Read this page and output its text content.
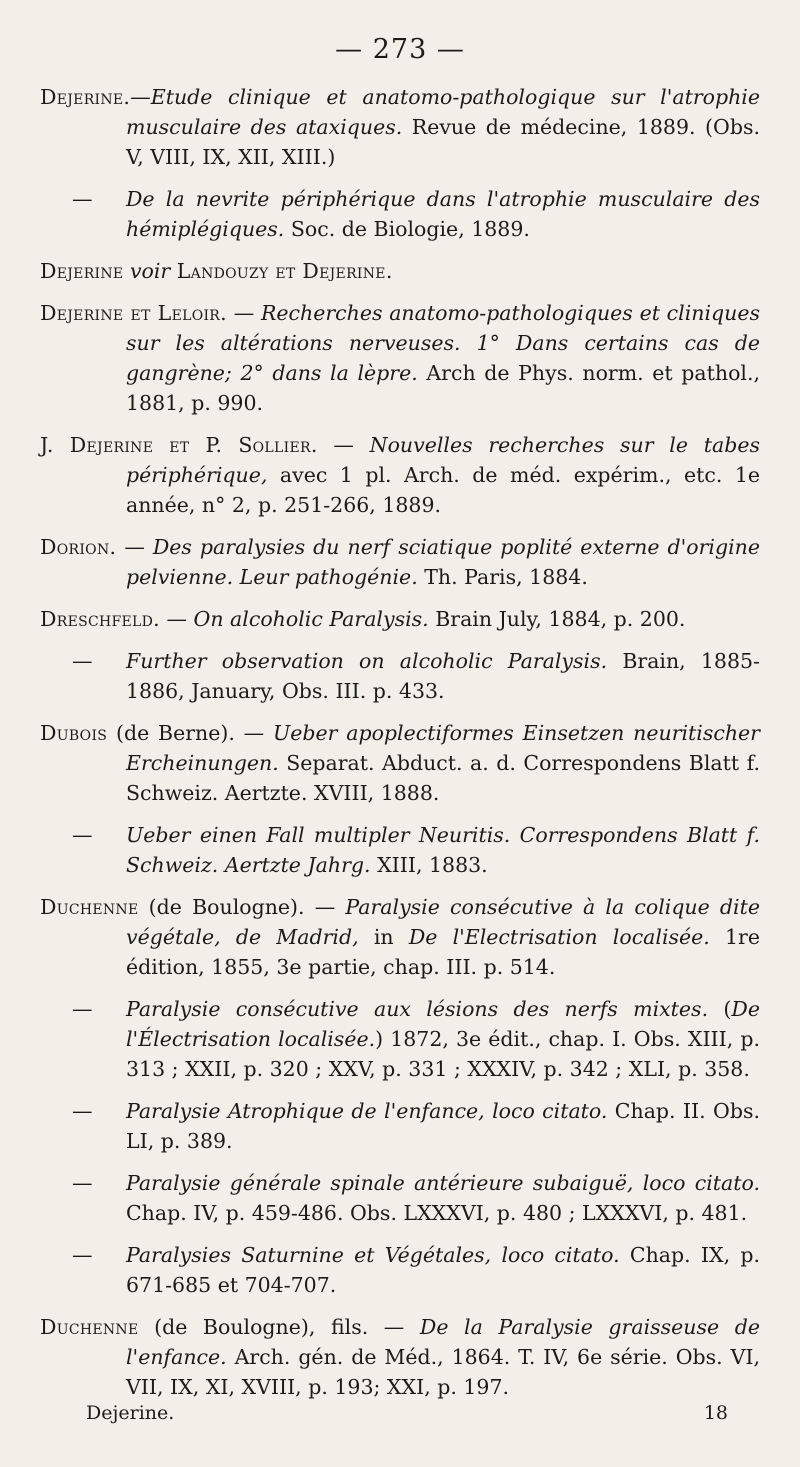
— 273 —

Dejerine.—Etude clinique et anatomo-pathologique sur l'atrophie musculaire des ataxiques. Revue de médecine, 1889. (Obs. V, VIII, IX, XII, XIII.)

— De la nevrite périphérique dans l'atrophie musculaire des hémiplégiques. Soc. de Biologie, 1889.

Dejerine voir Landouzy et Dejerine.

Dejerine et Leloir. — Recherches anatomo-pathologiques et cliniques sur les altérations nerveuses. 1° Dans certains cas de gangrène; 2° dans la lèpre. Arch de Phys. norm. et pathol., 1881, p. 990.

J. Dejerine et P. Sollier. — Nouvelles recherches sur le tabes périphérique, avec 1 pl. Arch. de méd. expérim., etc. 1e année, n° 2, p. 251-266, 1889.

Dorion. — Des paralysies du nerf sciatique poplité externe d'origine pelvienne. Leur pathogénie. Th. Paris, 1884.

Dreschfeld. — On alcoholic Paralysis. Brain July, 1884, p. 200.

— Further observation on alcoholic Paralysis. Brain, 1885-1886, January, Obs. III. p. 433.

Dubois (de Berne). — Ueber apoplectiformes Einsetzen neuritischer Ercheinungen. Separat. Abduct. a. d. Correspondens Blatt f. Schweiz. Aertzte. XVIII, 1888.

— Ueber einen Fall multipler Neuritis. Correspondens Blatt f. Schweiz. Aertzte Jahrg. XIII, 1883.

Duchenne (de Boulogne). — Paralysie consécutive à la colique dite végétale, de Madrid, in De l'Electrisation localisée. 1re édition, 1855, 3e partie, chap. III. p. 514.

— Paralysie consécutive aux lésions des nerfs mixtes. (De l'Électrisation localisée.) 1872, 3e édit., chap. I. Obs. XIII, p. 313 ; XXII, p. 320 ; XXV, p. 331 ; XXXIV, p. 342 ; XLI, p. 358.

— Paralysie Atrophique de l'enfance, loco citato. Chap. II. Obs. LI, p. 389.

— Paralysie générale spinale antérieure subaiguë, loco citato. Chap. IV, p. 459-486. Obs. LXXXVI, p. 480 ; LXXXVI, p. 481.

— Paralysies Saturnine et Végétales, loco citato. Chap. IX, p. 671-685 et 704-707.

Duchenne (de Boulogne), fils. — De la Paralysie graisseuse de l'enfance. Arch. gén. de Méd., 1864. T. IV, 6e série. Obs. VI, VII, IX, XI, XVIII, p. 193; XXI, p. 197.

Dejerine.	18
